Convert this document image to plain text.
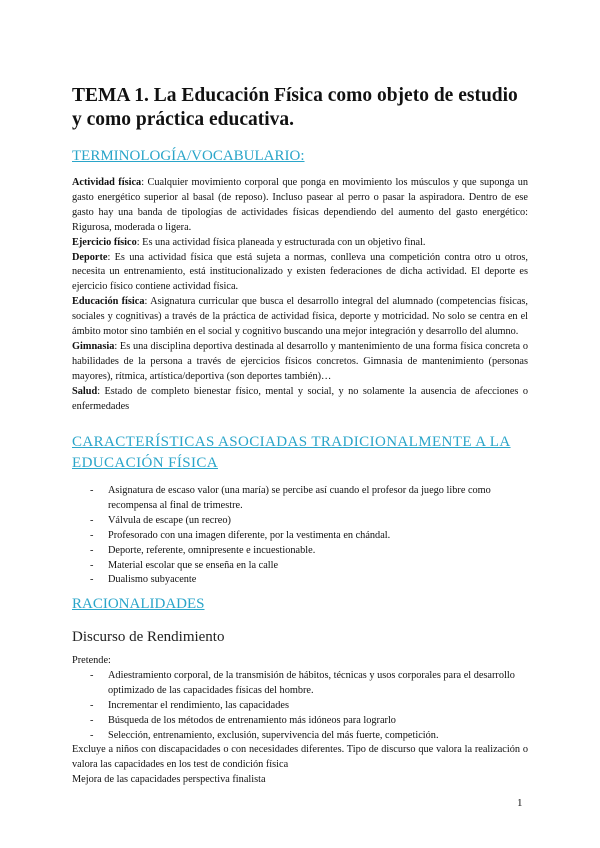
TEMA 1. La Educación Física como objeto de estudio y como práctica educativa.
TERMINOLOGÍA/VOCABULARIO:

Actividad física: Cualquier movimiento corporal que ponga en movimiento los músculos y que suponga un gasto energético superior al basal (de reposo). Incluso pasear al perro o pasar la aspiradora. Dentro de ese gasto hay una banda de tipologías de actividades físicas dependiendo del aumento del gasto energético: Rigurosa, moderada o ligera.

Ejercicio físico: Es una actividad física planeada y estructurada con un objetivo final.

Deporte: Es una actividad física que está sujeta a normas, conlleva una competición contra otro u otros, necesita un entrenamiento, está institucionalizado y existen federaciones de dicha actividad. El deporte es ejercicio físico contiene actividad física.

Educación física: Asignatura curricular que busca el desarrollo integral del alumnado (competencias físicas, sociales y cognitivas) a través de la práctica de actividad física, deporte y motricidad. No solo se centra en el ámbito motor sino también en el social y cognitivo buscando una mejor integración y desarrollo del alumno.

Gimnasia: Es una disciplina deportiva destinada al desarrollo y mantenimiento de una forma física concreta o habilidades de la persona a través de ejercicios físicos concretos. Gimnasia de mantenimiento (personas mayores), rítmica, artística/deportiva (son deportes también)…

Salud: Estado de completo bienestar físico, mental y social, y no solamente la ausencia de afecciones o enfermedades

CARACTERÍSTICAS ASOCIADAS TRADICIONALMENTE A LA
EDUCACIÓN FÍSICA
- Asignatura de escaso valor (una maría) se percibe así cuando el profesor da juego libre como recompensa al final de trimestre.
- Válvula de escape (un recreo)
- Profesorado con una imagen diferente, por la vestimenta en chándal.
- Deporte, referente, omnipresente e incuestionable.
- Material escolar que se enseña en la calle
- Dualismo subyacente
RACIONALIDADES
Discurso de Rendimiento

Pretende:

- Adiestramiento corporal, de la transmisión de hábitos, técnicas y usos corporales para el desarrollo optimizado de las capacidades físicas del hombre.
- Incrementar el rendimiento, las capacidades
- Búsqueda de los métodos de entrenamiento más idóneos para lograrlo
- Selección, entrenamiento, exclusión, supervivencia del más fuerte, competición.

Excluye a niños con discapacidades o con necesidades diferentes. Tipo de discurso que valora la realización o valora las capacidades en los test de condición física

Mejora de las capacidades perspectiva finalista

1
